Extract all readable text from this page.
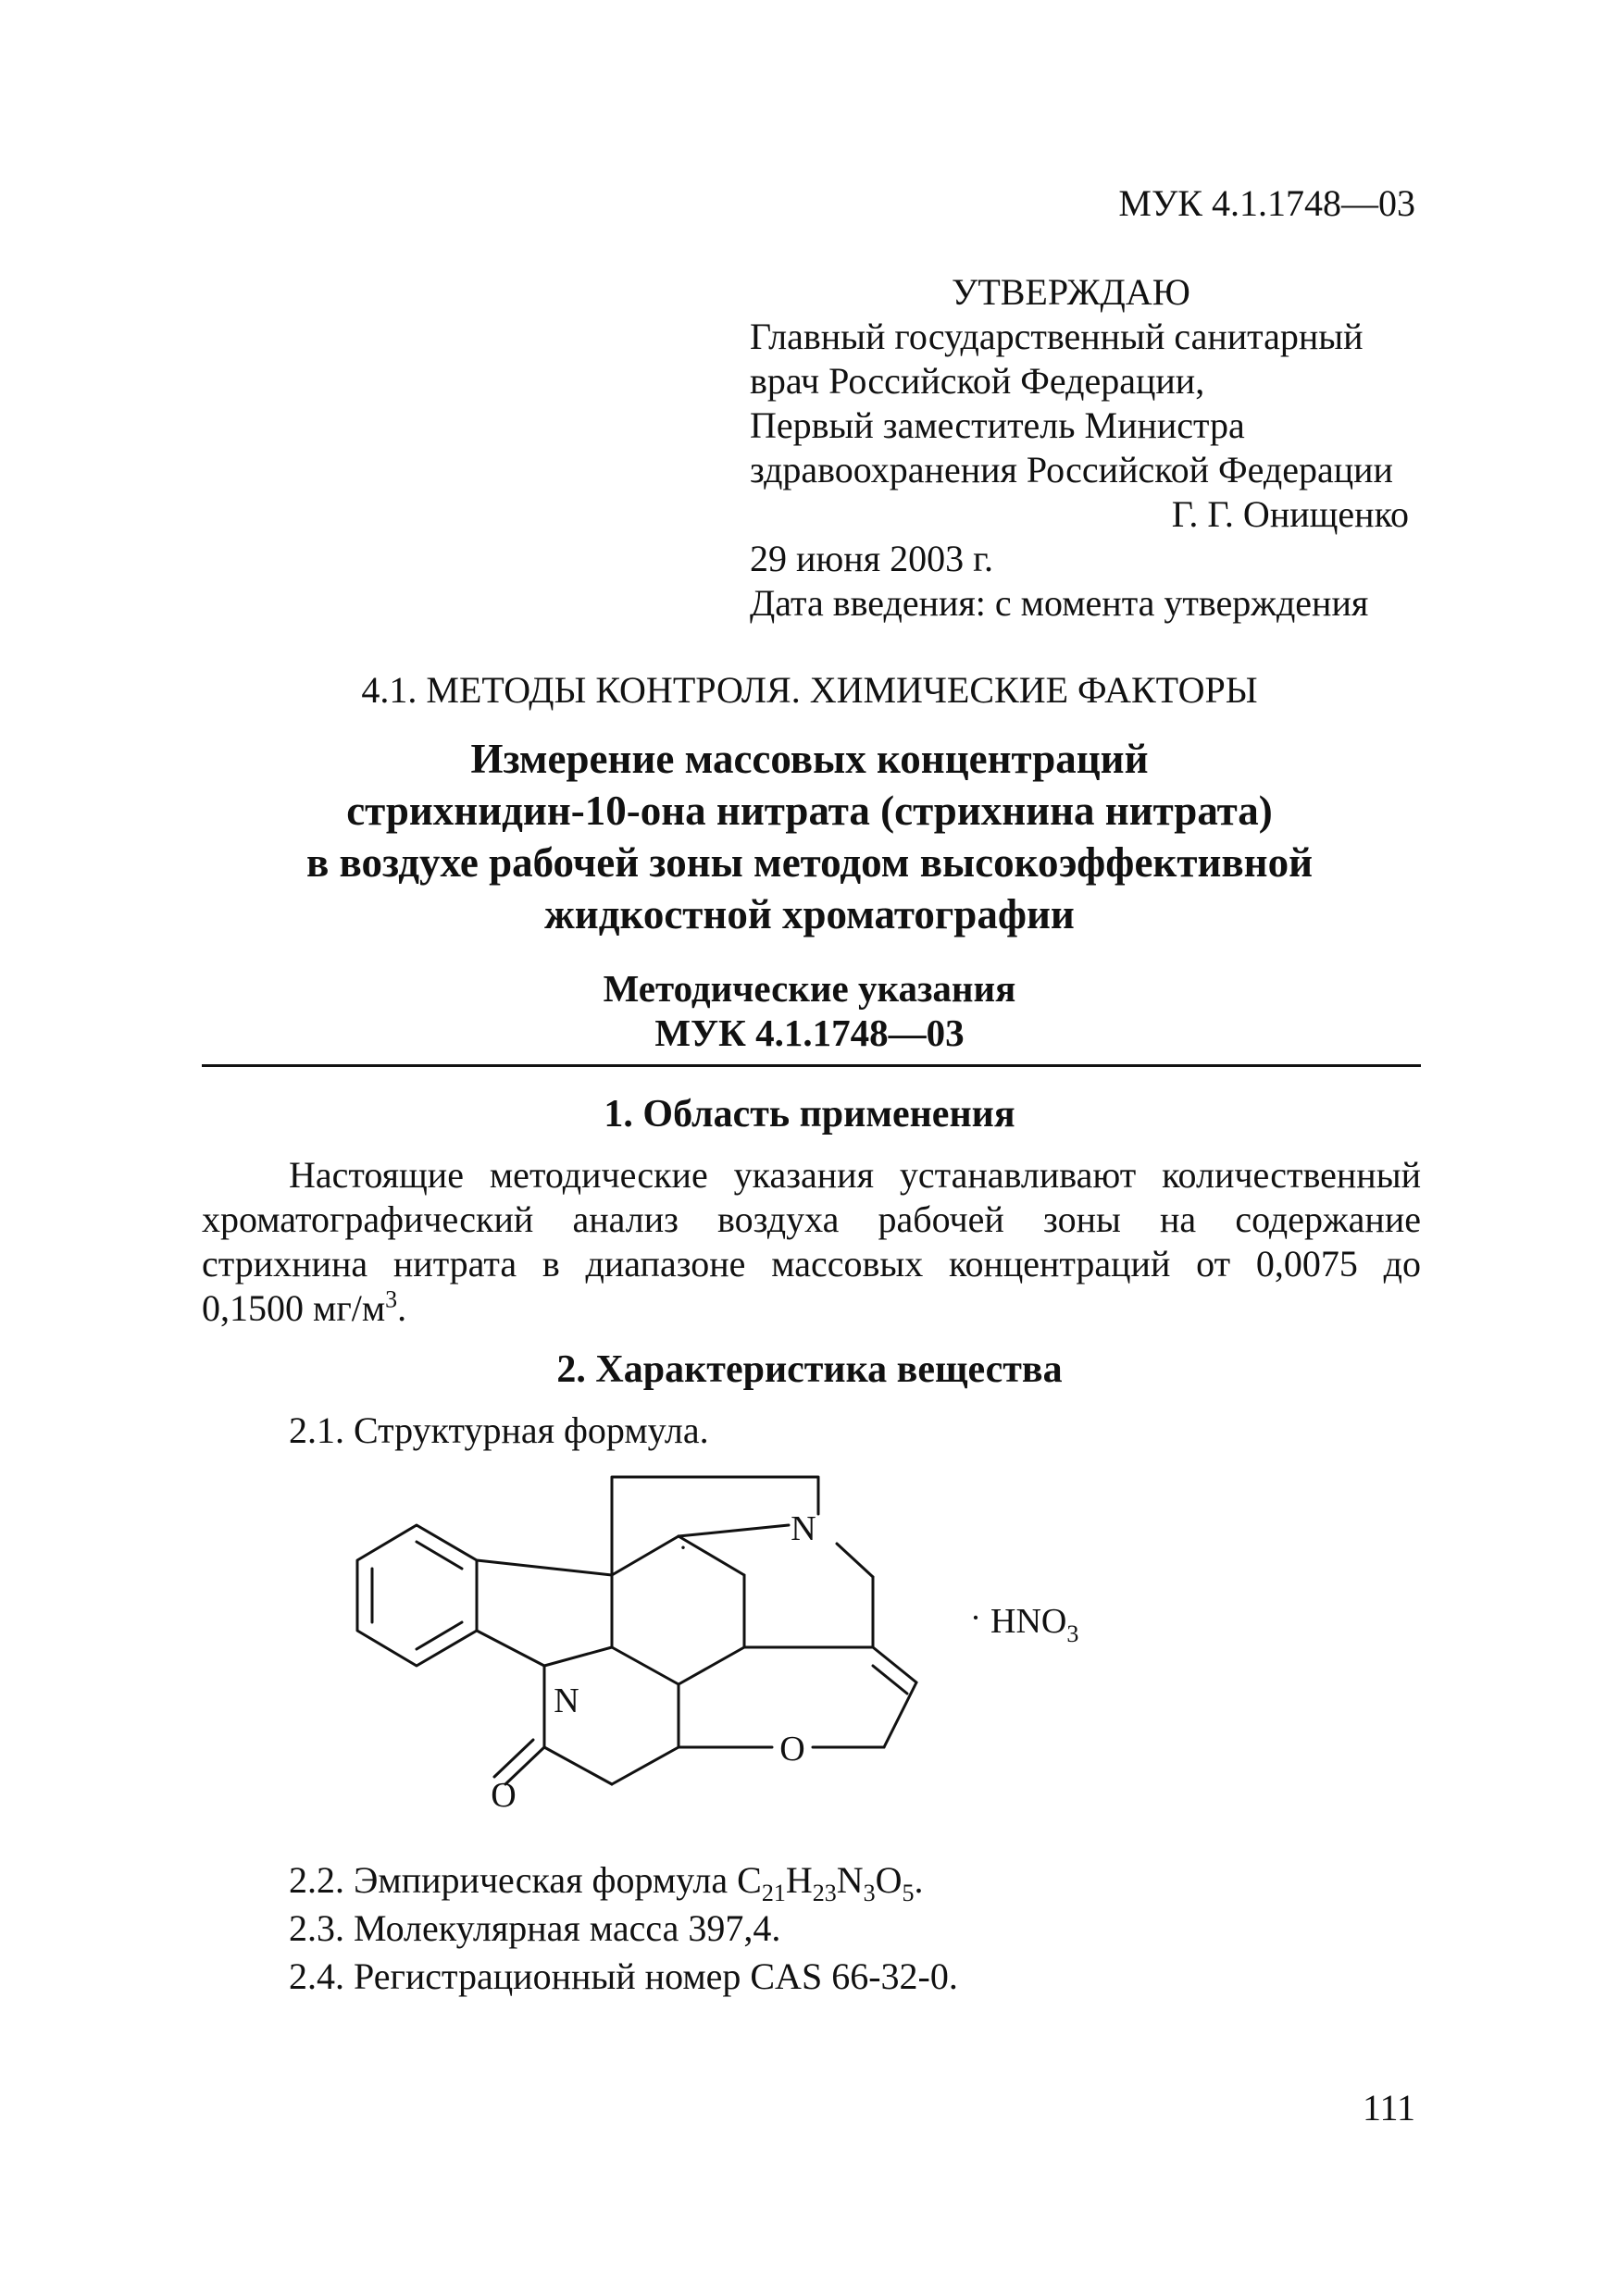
МУК 4.1.1748—03
УТВЕРЖДАЮ
Главный государственный санитарный
врач Российской Федерации,
Первый заместитель Министра
здравоохранения Российской Федерации
Г. Г. Онищенко
29 июня 2003 г.
Дата введения: с момента утверждения
4.1. МЕТОДЫ КОНТРОЛЯ. ХИМИЧЕСКИЕ ФАКТОРЫ
Измерение массовых концентраций
стрихнидин-10-она нитрата (стрихнина нитрата)
в воздухе рабочей зоны методом высокоэффективной
жидкостной хроматографии
Методические указания
МУК 4.1.1748—03
1. Область применения
Настоящие методические указания устанавливают количественный
хроматографический анализ воздуха рабочей зоны на содержание
стрихнина нитрата в диапазоне массовых концентраций от 0,0075 до
0,1500 $мг/м^3$.
2. Характеристика вещества
2.1. Структурная формула.
N
N
O
O
·
· $HNO_3$
2.2. Эмпирическая формула $C_{21}H_{23}N_3O_5$.
2.3. Молекулярная масса 397,4.
2.4. Регистрационный номер CAS 66-32-0.
111
